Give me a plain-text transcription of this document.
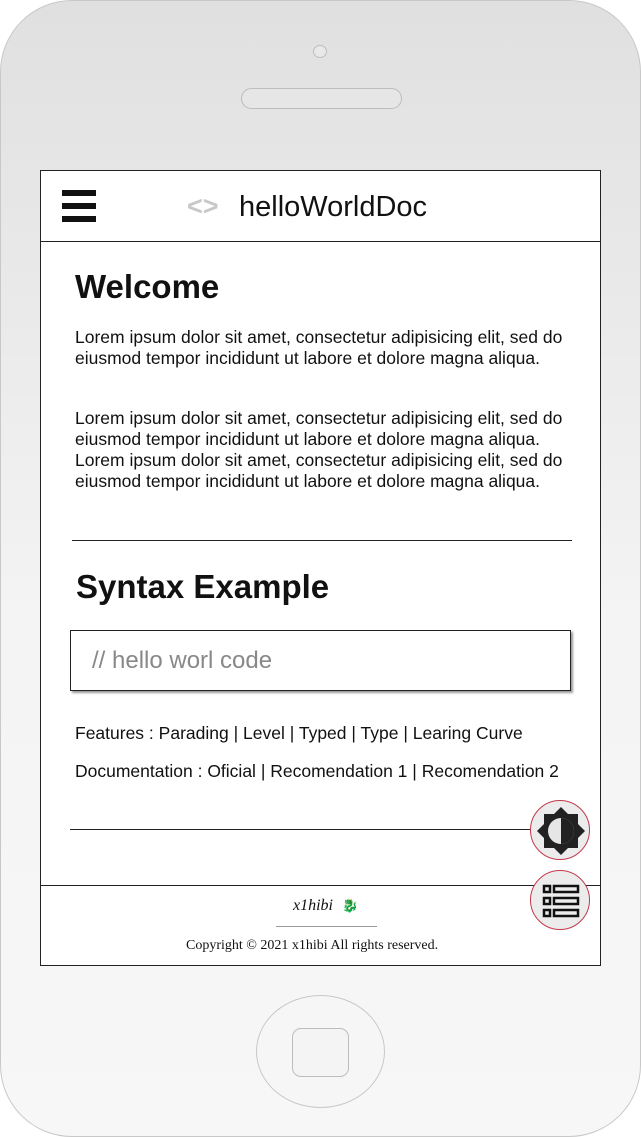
<> helloWorldDoc
Welcome

Lorem ipsum dolor sit amet, consectetur adipisicing elit, sed do eiusmod tempor incididunt ut labore et dolore magna aliqua.

Lorem ipsum dolor sit amet, consectetur adipisicing elit, sed do eiusmod tempor incididunt ut labore et dolore magna aliqua. Lorem ipsum dolor sit amet, consectetur adipisicing elit, sed do eiusmod tempor incididunt ut labore et dolore magna aliqua.

Syntax Example
// hello worl code
Features : Parading | Level | Typed | Type | Learing Curve
Documentation : Oficial | Recomendation 1 | Recomendation 2
x1hibi 🐉
Copyright © 2021 x1hibi All rights reserved.
